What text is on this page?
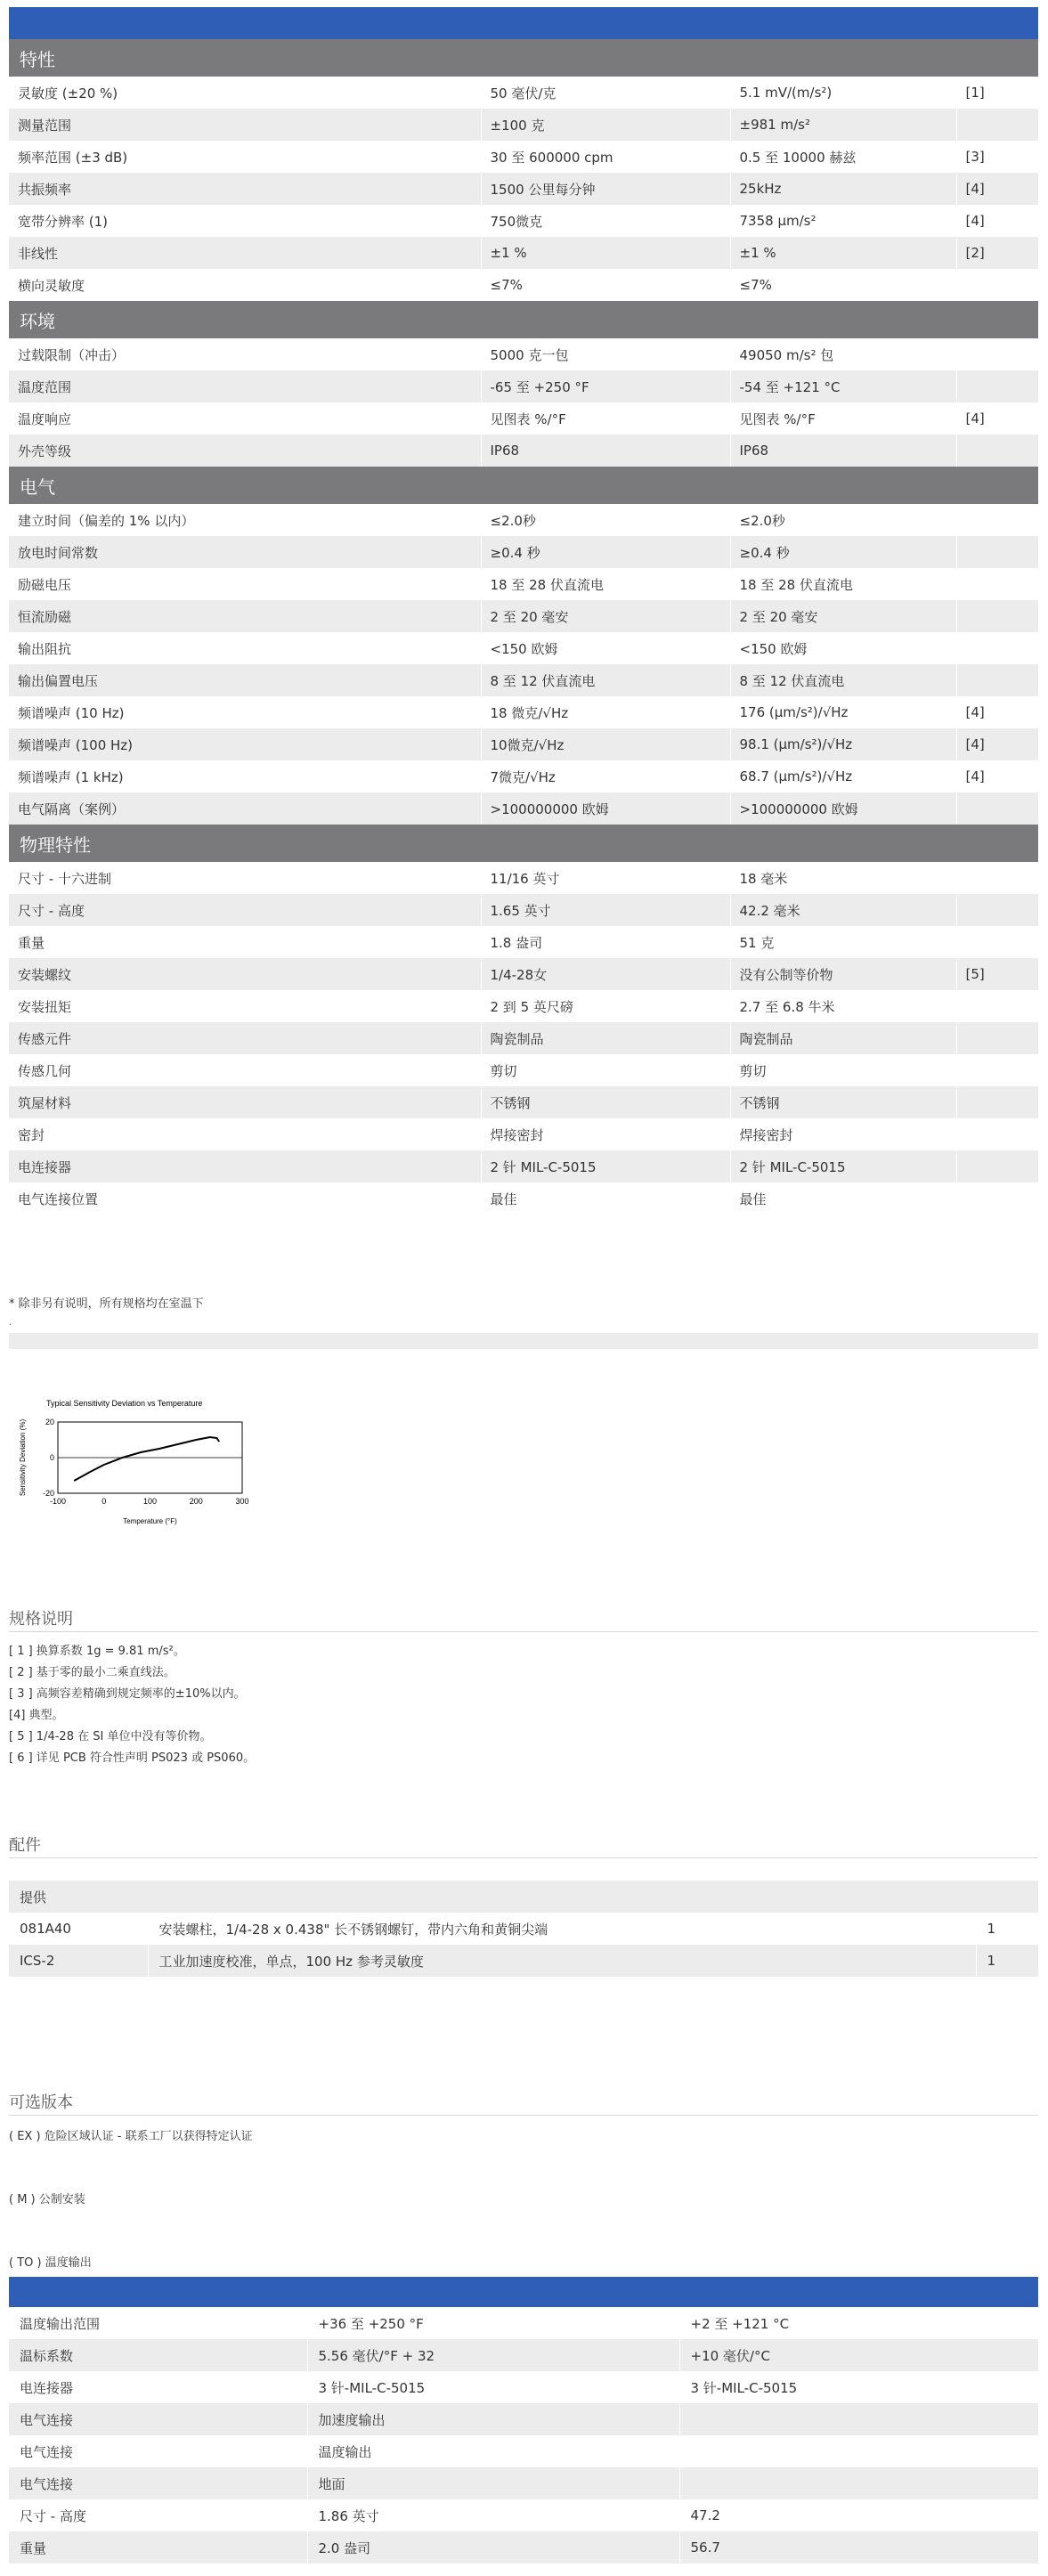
特性			
灵敏度 (±20 %)	50 毫伏/克	5.1 mV/(m/s²)	[1]
测量范围	±100 克	±981 m/s²	
频率范围 (±3 dB)	30 至 600000 cpm	0.5 至 10000 赫兹	[3]
共振频率	1500 公里每分钟	25kHz	[4]
宽带分辨率 (1)	750微克	7358 μm/s²	[4]
非线性	±1 %	±1 %	[2]
横向灵敏度	≤7%	≤7%	
环境			
过载限制（冲击）	5000 克一包	49050 m/s² 包	
温度范围	-65 至 +250 °F	-54 至 +121 °C	
温度响应	见图表 %/°F	见图表 %/°F	[4]
外壳等级	IP68	IP68	
电气			
建立时间（偏差的 1% 以内）	≤2.0秒	≤2.0秒	
放电时间常数	≥0.4 秒	≥0.4 秒	
励磁电压	18 至 28 伏直流电	18 至 28 伏直流电	
恒流励磁	2 至 20 毫安	2 至 20 毫安	
输出阻抗	<150 欧姆	<150 欧姆	
输出偏置电压	8 至 12 伏直流电	8 至 12 伏直流电	
频谱噪声 (10 Hz)	18 微克/√Hz	176 (μm/s²)/√Hz	[4]
频谱噪声 (100 Hz)	10微克/√Hz	98.1 (μm/s²)/√Hz	[4]
频谱噪声 (1 kHz)	7微克/√Hz	68.7 (μm/s²)/√Hz	[4]
电气隔离（案例）	>100000000 欧姆	>100000000 欧姆	
物理特性			
尺寸 - 十六进制	11/16 英寸	18 毫米	
尺寸 - 高度	1.65 英寸	42.2 毫米	
重量	1.8 盎司	51 克	
安装螺纹	1/4-28女	没有公制等价物	[5]
安装扭矩	2 到 5 英尺磅	2.7 至 6.8 牛米	
传感元件	陶瓷制品	陶瓷制品	
传感几何	剪切	剪切	
筑屋材料	不锈钢	不锈钢	
密封	焊接密封	焊接密封	
电连接器	2 针 MIL-C-5015	2 针 MIL-C-5015	
电气连接位置	最佳	最佳	
* 除非另有说明，所有规格均在室温下
.
Typical Sensitivity Deviation vs Temperature
-100	0	100	200	300
20
0
-20
Temperature (°F)
Sensitivity Deviation (%)
规格说明
[ 1 ] 换算系数 1g = 9.81 m/s²。
[ 2 ] 基于零的最小二乘直线法。
[ 3 ] 高频容差精确到规定频率的±10%以内。
[4] 典型。
[ 5 ] 1/4-28 在 SI 单位中没有等价物。
[ 6 ] 详见 PCB 符合性声明 PS023 或 PS060。
配件
提供		
081A40	安装螺柱，1/4-28 x 0.438" 长不锈钢螺钉，带内六角和黄铜尖端	1
ICS-2	工业加速度校准，单点，100 Hz 参考灵敏度	1
可选版本
( EX ) 危险区域认证 - 联系工厂以获得特定认证
( M ) 公制安装
( TO ) 温度输出
温度输出范围	+36 至 +250 °F	+2 至 +121 °C
温标系数	5.56 毫伏/°F + 32	+10 毫伏/°C
电连接器	3 针-MIL-C-5015	3 针-MIL-C-5015
电气连接	加速度输出	
电气连接	温度输出	
电气连接	地面	
尺寸 - 高度	1.86 英寸	47.2
重量	2.0 盎司	56.7
